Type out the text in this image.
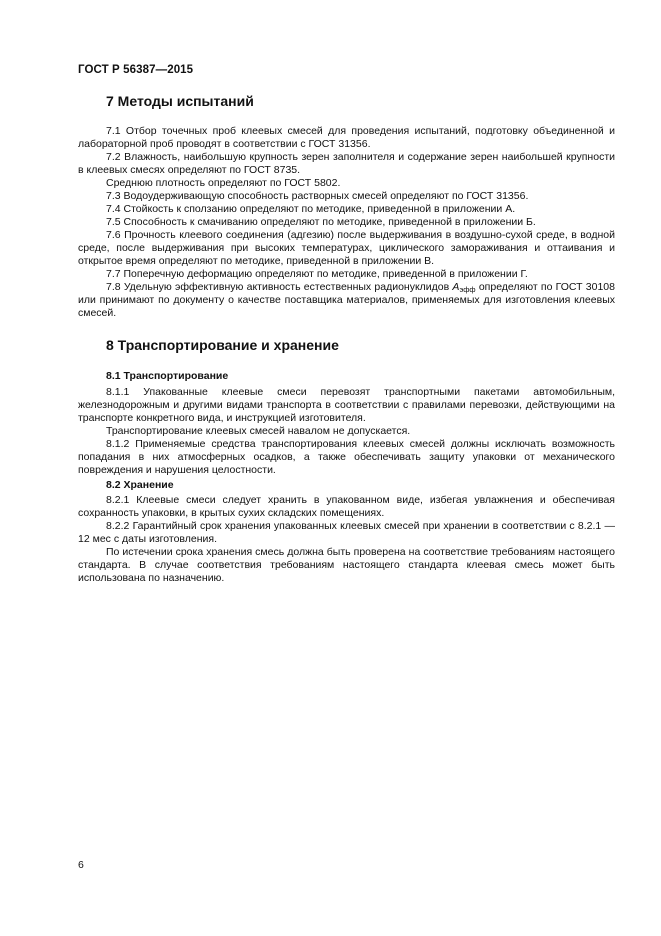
ГОСТ Р 56387—2015
7 Методы испытаний

7.1 Отбор точечных проб клеевых смесей для проведения испытаний, подготовку объединенной и лабораторной проб проводят в соответствии с ГОСТ 31356.

7.2 Влажность, наибольшую крупность зерен заполнителя и содержание зерен наибольшей крупности в клеевых смесях определяют по ГОСТ 8735.

Среднюю плотность определяют по ГОСТ 5802.

7.3 Водоудерживающую способность растворных смесей определяют по ГОСТ 31356.

7.4 Стойкость к сползанию определяют по методике, приведенной в приложении А.

7.5 Способность к смачиванию определяют по методике, приведенной в приложении Б.

7.6 Прочность клеевого соединения (адгезию) после выдерживания в воздушно-сухой среде, в водной среде, после выдерживания при высоких температурах, циклического замораживания и оттаивания и открытое время определяют по методике, приведенной в приложении В.

7.7 Поперечную деформацию определяют по методике, приведенной в приложении Г.

7.8 Удельную эффективную активность естественных радионуклидов $A_{эфф}$ определяют по ГОСТ 30108 или принимают по документу о качестве поставщика материалов, применяемых для изготовления клеевых смесей.

8 Транспортирование и хранение
8.1 Транспортирование

8.1.1 Упакованные клеевые смеси перевозят транспортными пакетами автомобильным, железнодорожным и другими видами транспорта в соответствии с правилами перевозки, действующими на транспорте конкретного вида, и инструкцией изготовителя.

Транспортирование клеевых смесей навалом не допускается.

8.1.2 Применяемые средства транспортирования клеевых смесей должны исключать возможность попадания в них атмосферных осадков, а также обеспечивать защиту упаковки от механического повреждения и нарушения целостности.

8.2 Хранение

8.2.1 Клеевые смеси следует хранить в упакованном виде, избегая увлажнения и обеспечивая сохранность упаковки, в крытых сухих складских помещениях.

8.2.2 Гарантийный срок хранения упакованных клеевых смесей при хранении в соответствии с 8.2.1 — 12 мес с даты изготовления.

По истечении срока хранения смесь должна быть проверена на соответствие требованиям настоящего стандарта. В случае соответствия требованиям настоящего стандарта клеевая смесь может быть использована по назначению.

6
